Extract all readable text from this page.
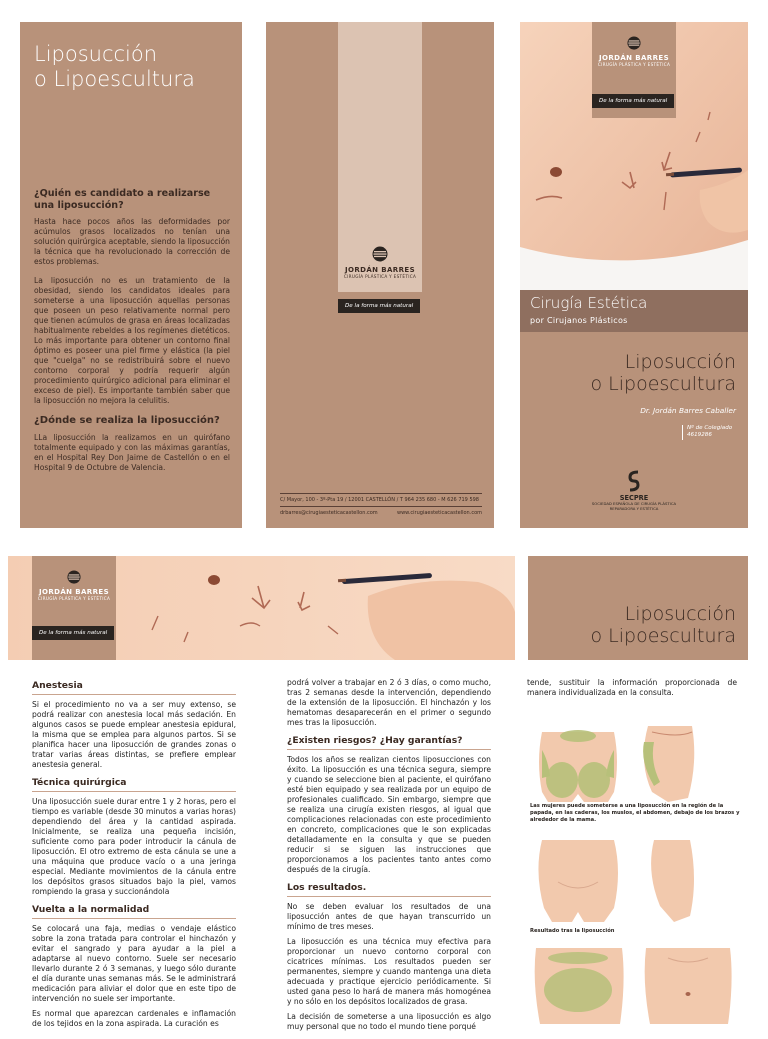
Liposucción
o Lipoescultura
¿Quién es candidato a realizarse una liposucción?
Hasta hace pocos años las deformidades por acúmulos grasos localizados no tenían una solución quirúrgica aceptable, siendo la liposucción la técnica que ha revolucionado la corrección de estos problemas.
La liposucción no es un tratamiento de la obesidad, siendo los candidatos ideales para someterse a una liposucción aquellas personas que poseen un peso relativamente normal pero que tienen acúmulos de grasa en áreas localizadas habitualmente rebeldes a los regímenes dietéticos. Lo más importante para obtener un contorno final óptimo es poseer una piel firme y elástica (la piel que "cuelga" no se redistribuirá sobre el nuevo contorno corporal y podría requerir algún procedimiento quirúrgico adicional para eliminar el exceso de piel). Es importante también saber que la liposucción no mejora la celulitis.
¿Dónde se realiza la liposucción?
LLa liposucción la realizamos en un quirófano totalmente equipado y con las máximas garantías, en el Hospital Rey Don Jaime de Castellón o en el Hospital 9 de Octubre de Valencia.
JORDÁN BARRES
CIRUGÍA PLÁSTICA Y ESTÉTICA
De la forma más natural
C/ Mayor, 100 - 3º-Pta 19 / 12001 CASTELLÓN / T 964 235 680 - M 626 719 598
drbarres@cirugiaesteticacastellon.com	www.cirugiaesteticacastellon.com
JORDÁN BARRES
CIRUGÍA PLÁSTICA Y ESTÉTICA
De la forma más natural
Cirugía Estética
por Cirujanos Plásticos
Liposucción
o Lipoescultura
Dr. Jordán Barres Caballer
Nº de Colegiado
4619286
SECPRE
SOCIEDAD ESPAÑOLA DE CIRUGÍA PLÁSTICA
REPARADORA Y ESTÉTICA
JORDÁN BARRES
CIRUGÍA PLÁSTICA Y ESTÉTICA
De la forma más natural
Liposucción
o Lipoescultura
Anestesia
Si el procedimiento no va a ser muy extenso, se podrá realizar con anestesia local más sedación. En algunos casos se puede emplear anestesia epidural, la misma que se emplea para algunos partos. Si se planifica hacer una liposucción de grandes zonas o tratar varias áreas distintas, se prefiere emplear anestesia general.
Técnica quirúrgica
Una liposucción suele durar entre 1 y 2 horas, pero el tiempo es variable (desde 30 minutos a varias horas) dependiendo del área y la cantidad aspirada. Inicialmente, se realiza una pequeña incisión, suficiente como para poder introducir la cánula de liposucción. El otro extremo de esta cánula se une a una máquina que produce vacío o a una jeringa especial. Mediante movimientos de la cánula entre los depósitos grasos situados bajo la piel, vamos rompiendo la grasa y succionándola
Vuelta a la normalidad
Se colocará una faja, medias o vendaje elástico sobre la zona tratada para controlar el hinchazón y evitar el sangrado y para ayudar a la piel a adaptarse al nuevo contorno. Suele ser necesario llevarlo durante 2 ó 3 semanas, y luego sólo durante el día durante unas semanas más. Se le administrará medicación para aliviar el dolor que en este tipo de intervención no suele ser importante.
Es normal que aparezcan cardenales e inflamación de los tejidos en la zona aspirada. La curación es
podrá volver a trabajar en 2 ó 3 días, o como mucho, tras 2 semanas desde la intervención, dependiendo de la extensión de la liposucción. El hinchazón y los hematomas desaparecerán en el primer o segundo mes tras la liposucción.
¿Existen riesgos? ¿Hay garantías?
Todos los años se realizan cientos liposucciones con éxito. La liposucción es una técnica segura, siempre y cuando se seleccione bien al paciente, el quirófano esté bien equipado y sea realizada por un equipo de profesionales cualificado. Sin embargo, siempre que se realiza una cirugía existen riesgos, al igual que complicaciones relacionadas con este procedimiento en concreto, complicaciones que le son explicadas detalladamente en la consulta y que se pueden reducir si se siguen las instrucciones que proporcionamos a los pacientes tanto antes como después de la cirugía.
Los resultados.
No se deben evaluar los resultados de una liposucción antes de que hayan transcurrido un mínimo de tres meses.
La liposucción es una técnica muy efectiva para proporcionar un nuevo contorno corporal con cicatrices mínimas. Los resultados pueden ser permanentes, siempre y cuando mantenga una dieta adecuada y practique ejercicio periódicamente. Si usted gana peso lo hará de manera más homogénea y no sólo en los depósitos localizados de grasa.
La decisión de someterse a una liposucción es algo muy personal que no todo el mundo tiene porqué
tende, sustituir la información proporcionada de manera individualizada en la consulta.
Las mujeres puede someterse a una liposucción en la región de la papada, en las caderas, los muslos, el abdomen, debajo de los brazos y alrededor de la mama.
Resultado tras la liposucción
